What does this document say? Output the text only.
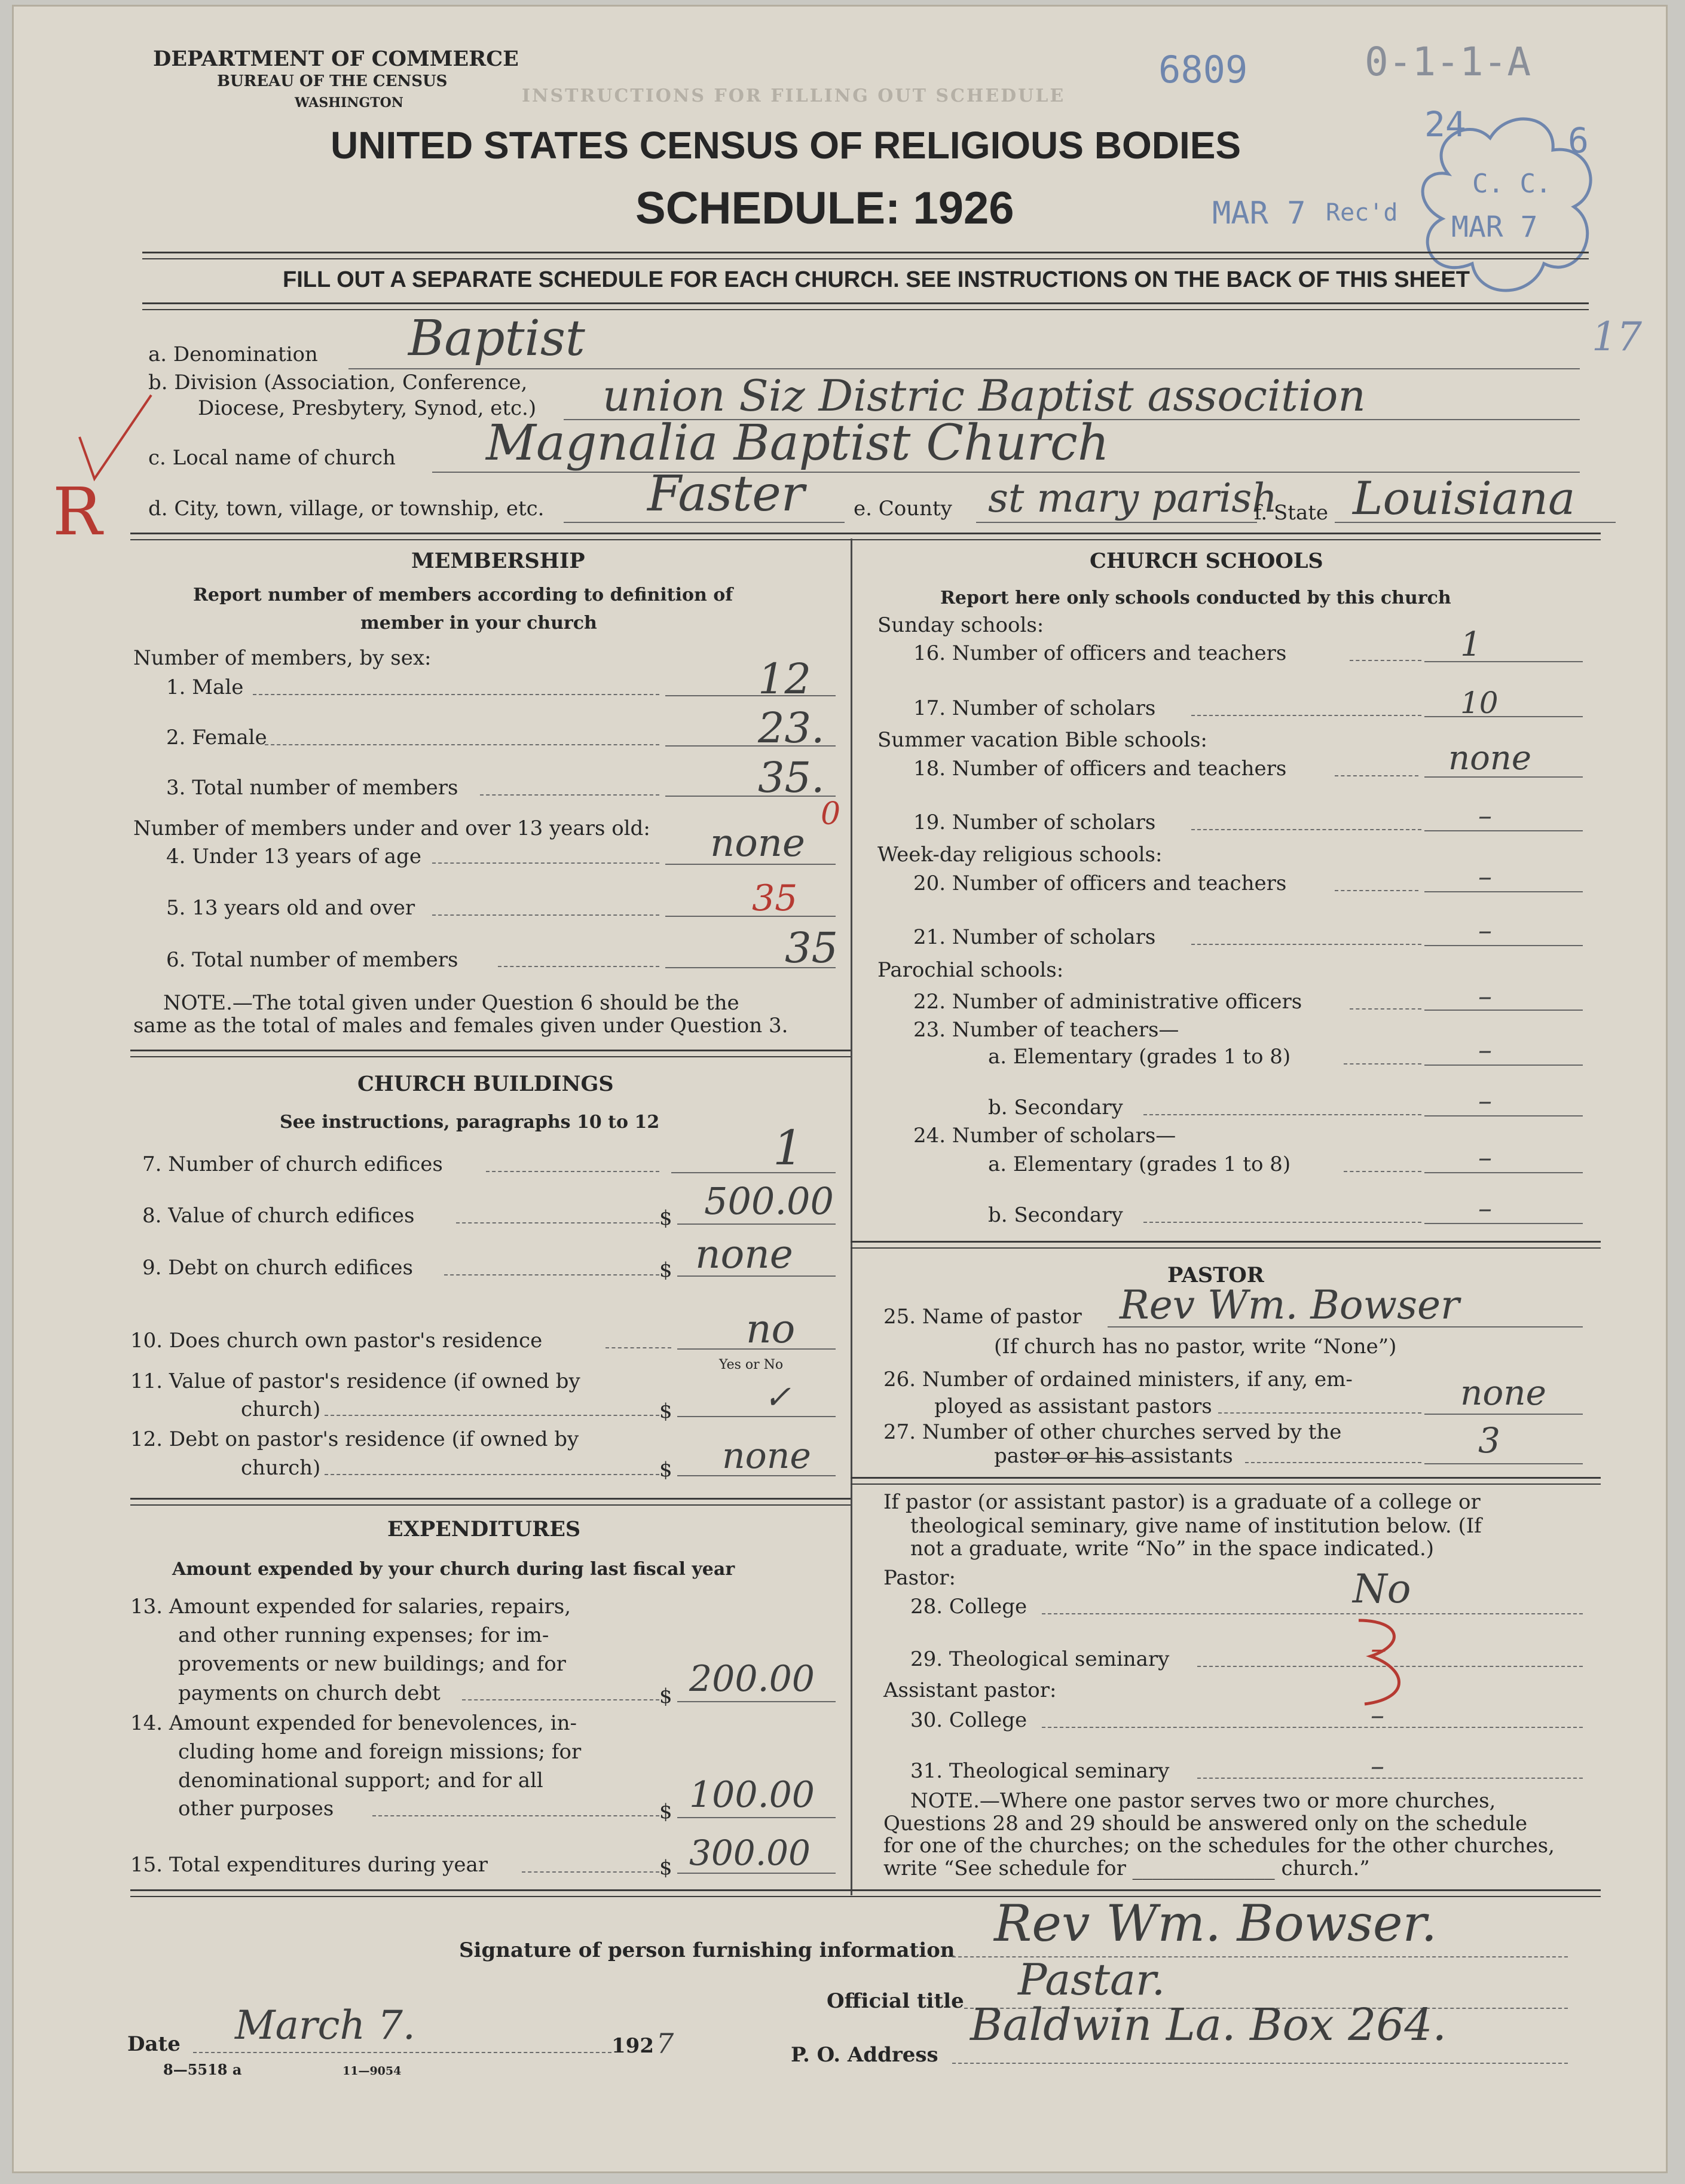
INSTRUCTIONS FOR FILLING OUT SCHEDULE
DEPARTMENT OF COMMERCE
BUREAU OF THE CENSUS
WASHINGTON
UNITED STATES CENSUS OF RELIGIOUS BODIES
SCHEDULE: 1926
6809	0-1-1-A
MAR 7 Rec'd
24	6
C. C.
MAR 7
17
R
FILL OUT A SEPARATE SCHEDULE FOR EACH CHURCH. SEE INSTRUCTIONS ON THE BACK OF THIS SHEET
a. Denomination Baptist
b. Division (Association, Conference,
Diocese, Presbytery, Synod, etc.) union Siz Distric Baptist assocition
c. Local name of church Magnalia Baptist Church
d. City, town, village, or township, etc. Faster e. County st mary parish
f. State Louisiana
MEMBERSHIP
Report number of members according to definition of
member in your church
Number of members, by sex:
1. Male	12
2. Female	23.
3. Total number of members	35.
Number of members under and over 13 years old:
4. Under 13 years of age	none
0
5. 13 years old and over	35
6. Total number of members	35
NOTE.—The total given under Question 6 should be the
same as the total of males and females given under Question 3.
CHURCH BUILDINGS
See instructions, paragraphs 10 to 12
7. Number of church edifices	1
8. Value of church edifices	$ 500.00
9. Debt on church edifices	$ none
10. Does church own pastor's residence	no
Yes or No
11. Value of pastor's residence (if owned by
church)	$	✓
12. Debt on pastor's residence (if owned by
church)	$ none
EXPENDITURES
Amount expended by your church during last fiscal year
13. Amount expended for salaries, repairs,
and other running expenses; for im-
provements or new buildings; and for
payments on church debt	$ 200.00
14. Amount expended for benevolences, in-
cluding home and foreign missions; for
denominational support; and for all
other purposes	$ 100.00
15. Total expenditures during year	$ 300.00
CHURCH SCHOOLS
Report here only schools conducted by this church
Sunday schools:
16. Number of officers and teachers	1
17. Number of scholars	10
Summer vacation Bible schools:
18. Number of officers and teachers	none
19. Number of scholars	–
Week-day religious schools:
20. Number of officers and teachers	–
21. Number of scholars	–
Parochial schools:
22. Number of administrative officers	–
23. Number of teachers—
a. Elementary (grades 1 to 8)	–
b. Secondary	–
24. Number of scholars—
a. Elementary (grades 1 to 8)	–
b. Secondary	–
PASTOR
25. Name of pastor Rev Wm. Bowser
(If church has no pastor, write “None”)
26. Number of ordained ministers, if any, em-
ployed as assistant pastors	none
27. Number of other churches served by the
pastor or his assistants	3
If pastor (or assistant pastor) is a graduate of a college or
theological seminary, give name of institution below. (If
not a graduate, write “No” in the space indicated.)
Pastor:
28. College	No
29. Theological seminary	–
Assistant pastor:
30. College	–
31. Theological seminary	–
NOTE.—Where one pastor serves two or more churches,
Questions 28 and 29 should be answered only on the schedule
for one of the churches; on the schedules for the other churches,
write “See schedule for ______________ church.”
Signature of person furnishing information Rev Wm. Bowser.
Official title Pastar.
Date March 7.	192 7	P. O. Address
Baldwin La. Box 264.
8—5518 a	11—9054
